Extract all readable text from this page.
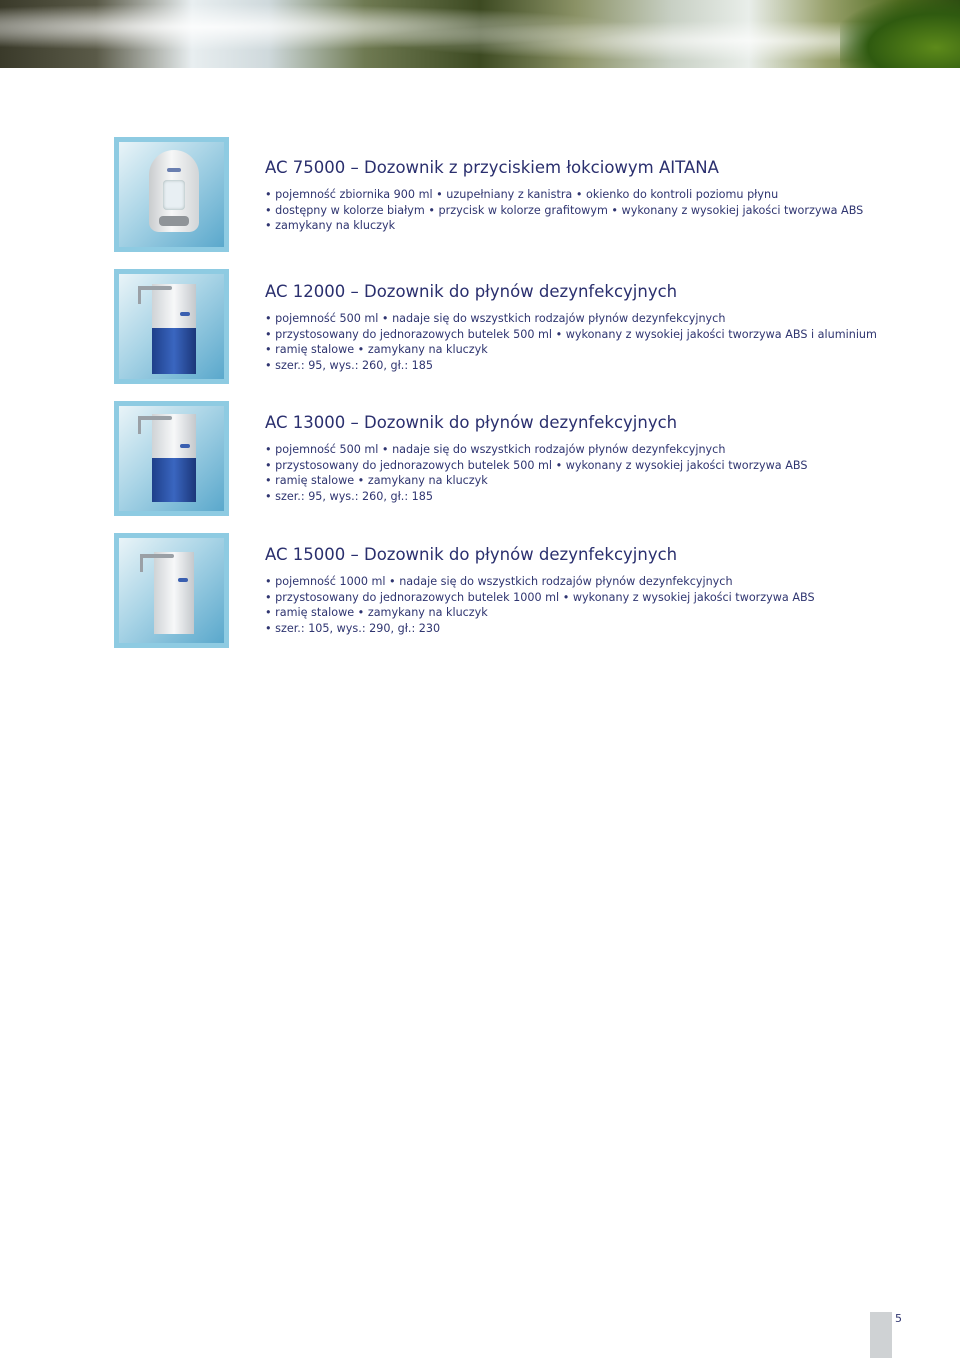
AC 75000 – Dozownik z przyciskiem łokciowym AITANA
• pojemność zbiornika 900 ml • uzupełniany z kanistra • okienko do kontroli poziomu płynu
• dostępny w kolorze białym • przycisk w kolorze grafitowym • wykonany z wysokiej jakości tworzywa ABS
• zamykany na kluczyk
AC 12000 – Dozownik do płynów dezynfekcyjnych
• pojemność 500 ml • nadaje się do wszystkich rodzajów płynów dezynfekcyjnych
• przystosowany do jednorazowych butelek 500 ml • wykonany z wysokiej jakości tworzywa ABS i aluminium
• ramię stalowe • zamykany na kluczyk
• szer.: 95, wys.: 260, gł.: 185
AC 13000 – Dozownik do płynów dezynfekcyjnych
• pojemność 500 ml • nadaje się do wszystkich rodzajów płynów dezynfekcyjnych
• przystosowany do jednorazowych butelek 500 ml • wykonany z wysokiej jakości tworzywa ABS
• ramię stalowe • zamykany na kluczyk
• szer.: 95, wys.: 260, gł.: 185
AC 15000 – Dozownik do płynów dezynfekcyjnych
• pojemność 1000 ml • nadaje się do wszystkich rodzajów płynów dezynfekcyjnych
• przystosowany do jednorazowych butelek 1000 ml • wykonany z wysokiej jakości tworzywa ABS
• ramię stalowe • zamykany na kluczyk
• szer.: 105, wys.: 290, gł.: 230
5
